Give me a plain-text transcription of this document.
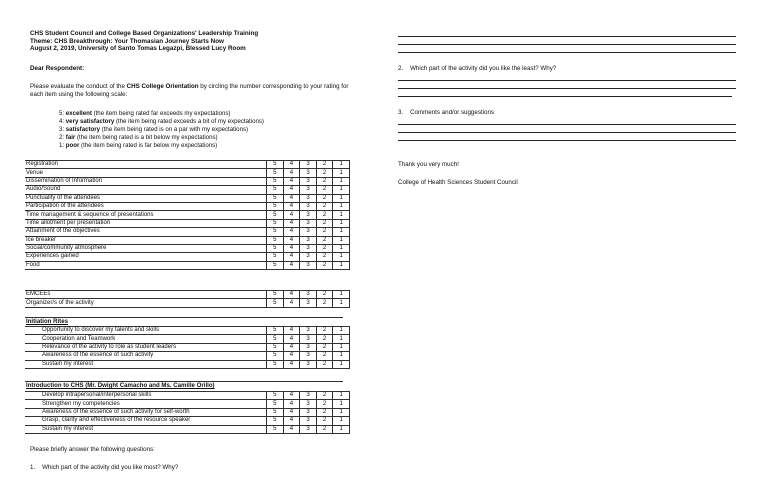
CHS Student Council and College Based Organizations' Leadership Training
Theme: CHS Breakthrough: Your Thomasian Journey Starts Now
August 2, 2019, University of Santo Tomas Legazpi, Blessed Lucy Room
Dear Respondent:
Please evaluate the conduct of the CHS College Orientation by circling the number corresponding to your rating for each item using the following scale:
5: excellent (the item being rated far exceeds my expectations)
4: very satisfactory (the item being rated exceeds a bit of my expectations)
3: satisfactory (the item being rated is on a par with my expectations)
2: fair (the item being rated is a bit below my expectations)
1: poor (the item being rated is far below my expectations)
Registration	5	4	3	2	1
Venue	5	4	3	2	1
Dissemination of Information	5	4	3	2	1
Audio/Sound	5	4	3	2	1
Punctuality of the attendees	5	4	3	2	1
Participation of the attendees	5	4	3	2	1
Time management & sequence of presentations	5	4	3	2	1
Time allotment per presentation	5	4	3	2	1
Attainment of the objectives	5	4	3	2	1
Ice breaker	5	4	3	2	1
Social/community atmosphere	5	4	3	2	1
Experiences gained	5	4	3	2	1
Food	5	4	3	2	1
EMCEEs	5	4	3	2	1
Organizer/s of the activity	5	4	3	2	1
Initiation Rites
Opportunity to discover my talents and skills	5	4	3	2	1
Cooperation and Teamwork	5	4	3	2	1
Relevance of the activity to role as student leaders	5	4	3	2	1
Awareness of the essence of such activity	5	4	3	2	1
Sustain my interest	5	4	3	2	1
Introduction to CHS (Mr. Dwight Camacho and Ms. Camille Orillo)
Develop intrapersonal/interpersonal skills	5	4	3	2	1
Strengthen my competencies	5	4	3	2	1
Awareness of the essence of such activity for self-worth	5	4	3	2	1
Grasp, clarity and effectiveness of the resource speaker	5	4	3	2	1
Sustain my interest	5	4	3	2	1
Please briefly answer the following questions:
1. Which part of the activity did you like most? Why?
2. Which part of the activity did you like the least? Why?
3. Comments and/or suggestions
Thank you very much!
College of Health Sciences Student Council
